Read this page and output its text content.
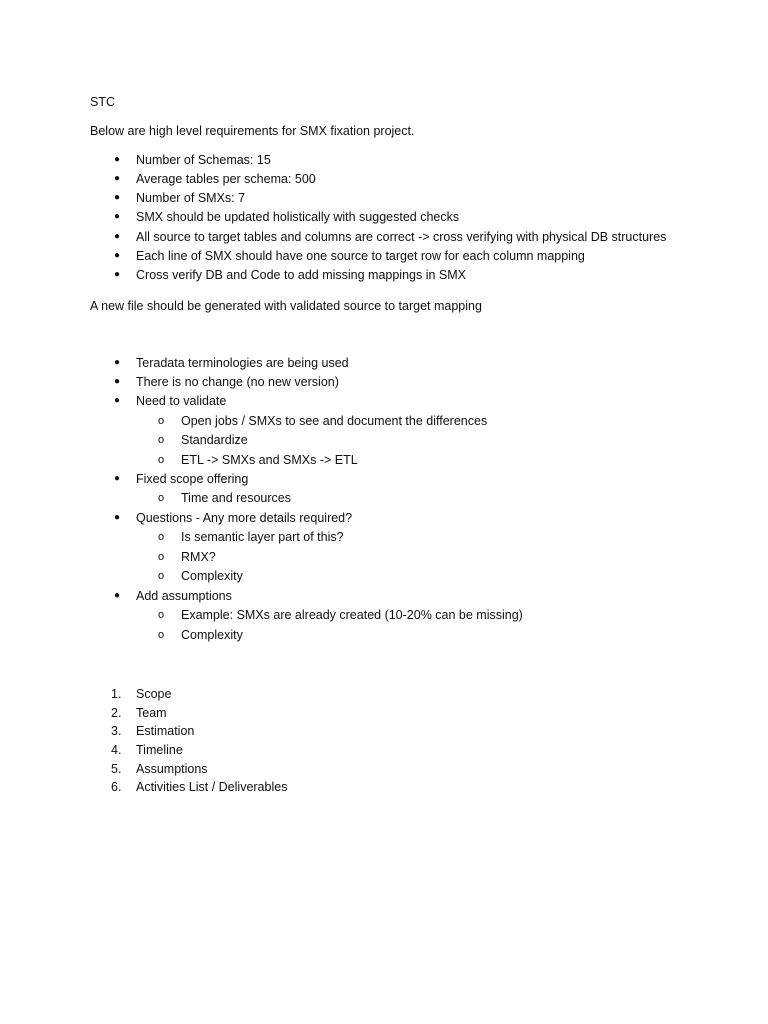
STC
Below are high level requirements for SMX fixation project.
● Number of Schemas: 15
● Average tables per schema: 500
● Number of SMXs: 7
● SMX should be updated holistically with suggested checks
● All source to target tables and columns are correct -> cross verifying with physical DB structures
● Each line of SMX should have one source to target row for each column mapping
● Cross verify DB and Code to add missing mappings in SMX
A new file should be generated with validated source to target mapping
● Teradata terminologies are being used
● There is no change (no new version)
● Need to validate
o Open jobs / SMXs to see and document the differences
o Standardize
o ETL -> SMXs and SMXs -> ETL
● Fixed scope offering
o Time and resources
● Questions - Any more details required?
o Is semantic layer part of this?
o RMX?
o Complexity
● Add assumptions
o Example: SMXs are already created (10-20% can be missing)
o Complexity
1. Scope
2. Team
3. Estimation
4. Timeline
5. Assumptions
6. Activities List / Deliverables
